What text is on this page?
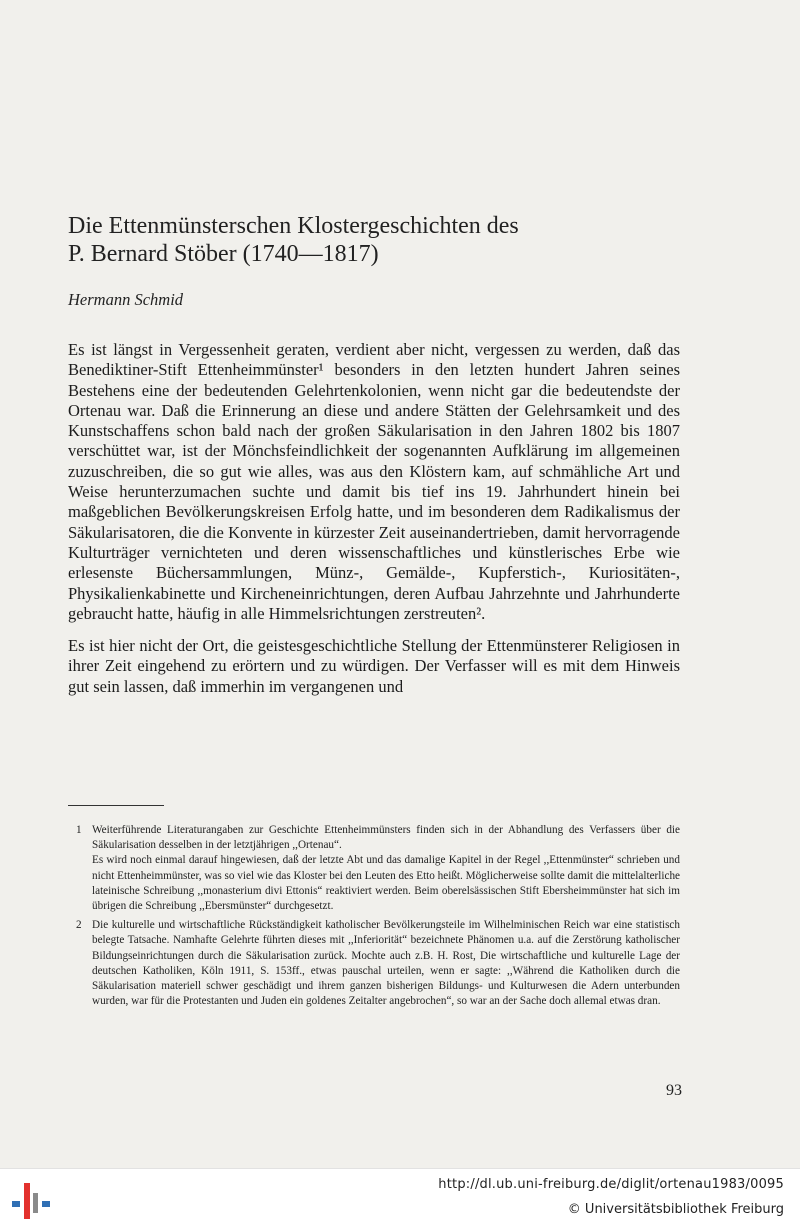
Die Ettenmünsterschen Klostergeschichten des
P. Bernard Stöber (1740—1817)
Hermann Schmid

Es ist längst in Vergessenheit geraten, verdient aber nicht, vergessen zu werden, daß das Benediktiner-Stift Ettenheimmünster¹ besonders in den letzten hundert Jahren seines Bestehens eine der bedeutenden Gelehrtenkolonien, wenn nicht gar die bedeutendste der Ortenau war. Daß die Erinnerung an diese und andere Stätten der Gelehrsamkeit und des Kunstschaffens schon bald nach der großen Säkularisation in den Jahren 1802 bis 1807 verschüttet war, ist der Mönchsfeindlichkeit der sogenannten Aufklärung im allgemeinen zuzuschreiben, die so gut wie alles, was aus den Klöstern kam, auf schmähliche Art und Weise herunterzumachen suchte und damit bis tief ins 19. Jahrhundert hinein bei maßgeblichen Bevölkerungskreisen Erfolg hatte, und im besonderen dem Radikalismus der Säkularisatoren, die die Konvente in kürzester Zeit auseinandertrieben, damit hervorragende Kulturträger vernichteten und deren wissenschaftliches und künstlerisches Erbe wie erlesenste Büchersammlungen, Münz-, Gemälde-, Kupferstich-, Kuriositäten-, Physikalienkabinette und Kircheneinrichtungen, deren Aufbau Jahrzehnte und Jahrhunderte gebraucht hatte, häufig in alle Himmelsrichtungen zerstreuten².

Es ist hier nicht der Ort, die geistesgeschichtliche Stellung der Ettenmünsterer Religiosen in ihrer Zeit eingehend zu erörtern und zu würdigen. Der Verfasser will es mit dem Hinweis gut sein lassen, daß immerhin im vergangenen und

1 Weiterführende Literaturangaben zur Geschichte Ettenheimmünsters finden sich in der Abhandlung des Verfassers über die Säkularisation desselben in der letztjährigen ,,Ortenau“.

Es wird noch einmal darauf hingewiesen, daß der letzte Abt und das damalige Kapitel in der Regel ,,Ettenmünster“ schrieben und nicht Ettenheimmünster, was so viel wie das Kloster bei den Leuten des Etto heißt. Möglicherweise sollte damit die mittelalterliche lateinische Schreibung ,,monasterium divi Ettonis“ reaktiviert werden. Beim oberelsässischen Stift Ebersheimmünster hat sich im übrigen die Schreibung ,,Ebersmünster“ durchgesetzt.

2 Die kulturelle und wirtschaftliche Rückständigkeit katholischer Bevölkerungsteile im Wilhelminischen Reich war eine statistisch belegte Tatsache. Namhafte Gelehrte führten dieses mit ,,Inferiorität“ bezeichnete Phänomen u.a. auf die Zerstörung katholischer Bildungseinrichtungen durch die Säkularisation zurück. Mochte auch z.B. H. Rost, Die wirtschaftliche und kulturelle Lage der deutschen Katholiken, Köln 1911, S. 153ff., etwas pauschal urteilen, wenn er sagte: ,,Während die Katholiken durch die Säkularisation materiell schwer geschädigt und ihrem ganzen bisherigen Bildungs- und Kulturwesen die Adern unterbunden wurden, war für die Protestanten und Juden ein goldenes Zeitalter angebrochen“, so war an der Sache doch allemal etwas dran.

93
http://dl.ub.uni-freiburg.de/diglit/ortenau1983/0095
© Universitätsbibliothek Freiburg
